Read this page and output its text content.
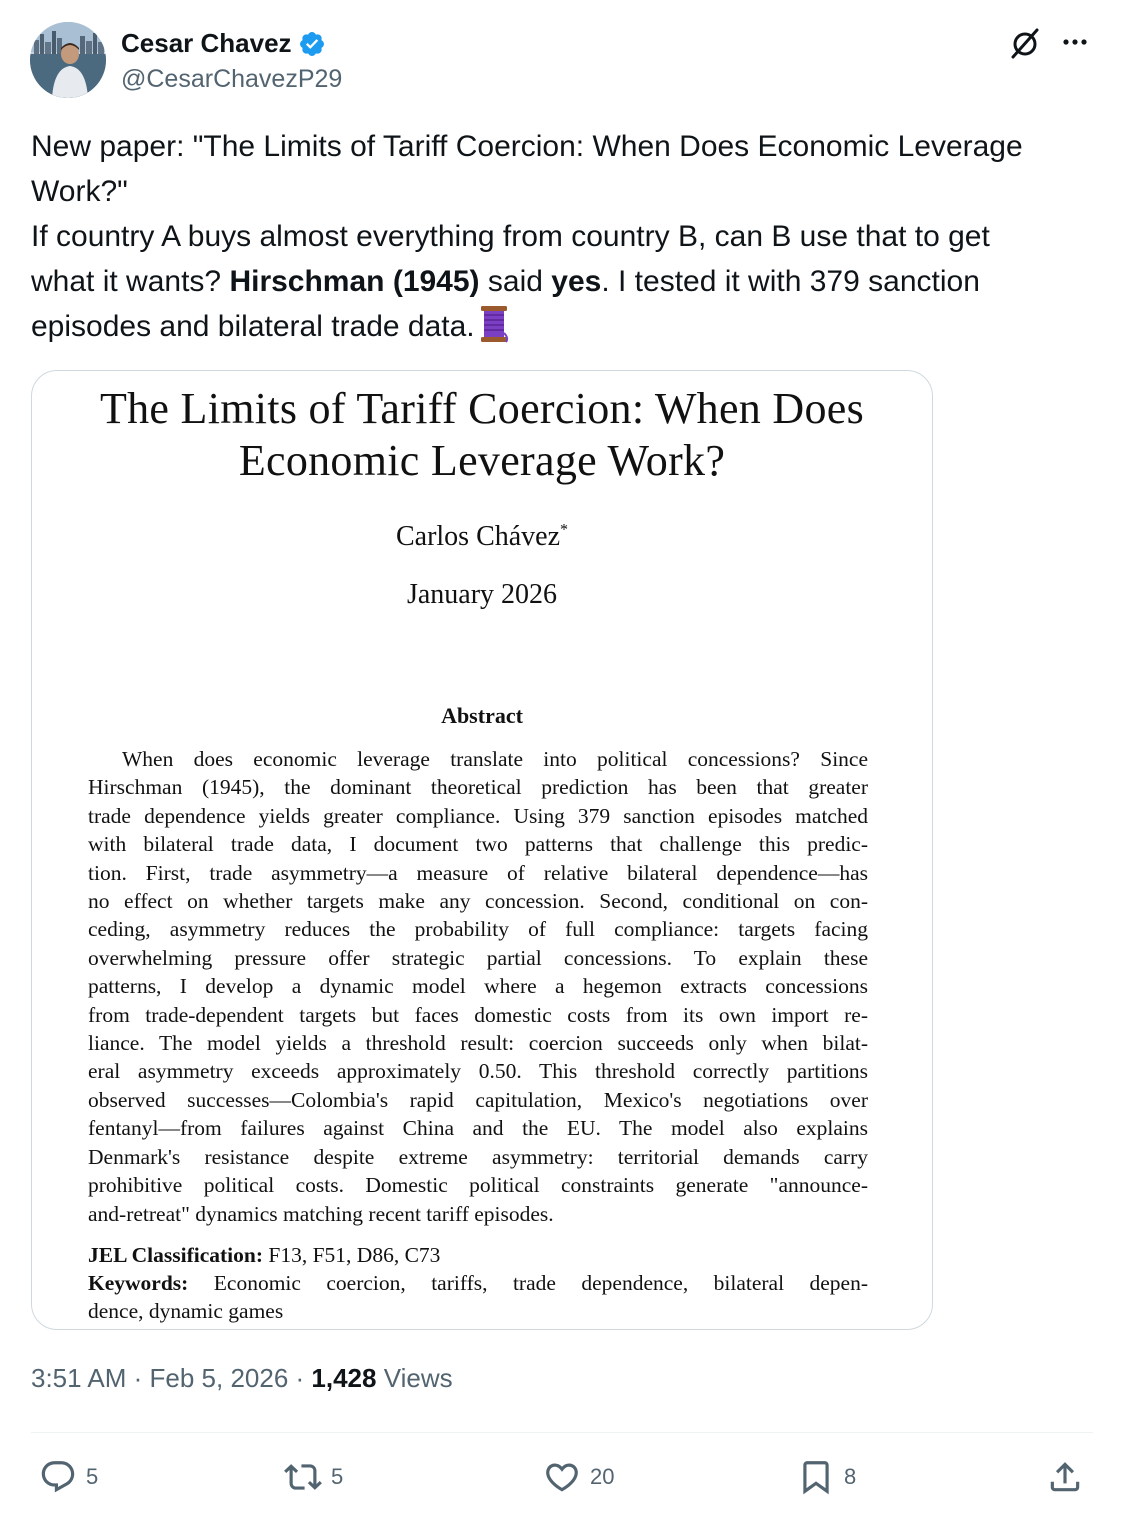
Cesar Chavez
@CesarChavezP29
New paper: "The Limits of Tariff Coercion: When Does Economic Leverage
Work?"
If country A buys almost everything from country B, can B use that to get
what it wants? Hirschman (1945) said yes. I tested it with 379 sanction
episodes and bilateral trade data.
The Limits of Tariff Coercion: When Does
Economic Leverage Work?
Carlos Chávez*
January 2026
Abstract
When does economic leverage translate into political concessions? Since
Hirschman (1945), the dominant theoretical prediction has been that greater
trade dependence yields greater compliance. Using 379 sanction episodes matched
with bilateral trade data, I document two patterns that challenge this predic-
tion. First, trade asymmetry—a measure of relative bilateral dependence—has
no effect on whether targets make any concession. Second, conditional on con-
ceding, asymmetry reduces the probability of full compliance: targets facing
overwhelming pressure offer strategic partial concessions. To explain these
patterns, I develop a dynamic model where a hegemon extracts concessions
from trade-dependent targets but faces domestic costs from its own import re-
liance. The model yields a threshold result: coercion succeeds only when bilat-
eral asymmetry exceeds approximately 0.50. This threshold correctly partitions
observed successes—Colombia's rapid capitulation, Mexico's negotiations over
fentanyl—from failures against China and the EU. The model also explains
Denmark's resistance despite extreme asymmetry: territorial demands carry
prohibitive political costs. Domestic political constraints generate "announce-
and-retreat" dynamics matching recent tariff episodes.
JEL Classification: F13, F51, D86, C73
Keywords: Economic coercion, tariffs, trade dependence, bilateral depen-
dence, dynamic games
3:51 AM · Feb 5, 2026 · 1,428 Views
5	5	20	8
